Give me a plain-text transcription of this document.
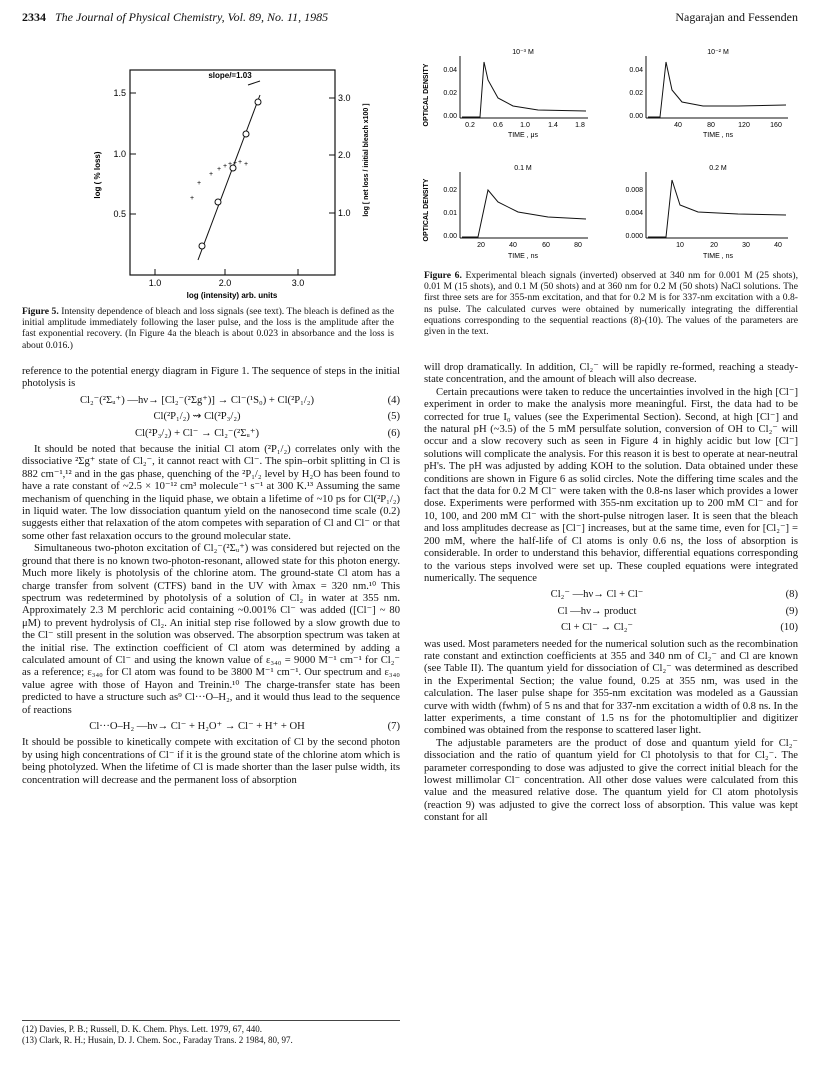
2334 The Journal of Physical Chemistry, Vol. 89, No. 11, 1985	Nagarajan and Fessenden
slope/=1.03
1.5
1.0
0.5
3.0
2.0
1.0
1.0	2.0	3.0
log (intensity) arb. units
log ( % loss)	log [ net loss / initial bleach x100 ]
+
+
+ + + + + +
+
Figure 5. Intensity dependence of bleach and loss signals (see text). The bleach is defined as the initial amplitude immediately following the laser pulse, and the loss is the amplitude after the fast exponential recovery. (In Figure 4a the bleach is about 0.023 in absorbance and the loss is about 0.016.)
OPTICAL DENSITY
OPTICAL DENSITY
10⁻³ M
0.04
0.02
0.00
0.2	0.6 1.0	1.4 1.8
TIME , μs
10⁻² M
0.04
0.02
0.00
40	80	120	160
TIME , ns
0.1 M
0.02
0.01
0.00
20	40	60	80
TIME , ns
0.2 M
0.008
0.004
0.000
10	20	30	40
TIME , ns
Figure 6. Experimental bleach signals (inverted) observed at 340 nm for 0.001 M (25 shots), 0.01 M (15 shots), and 0.1 M (50 shots) and at 360 nm for 0.2 M (50 shots) NaCl solutions. The first three sets are for 355-nm excitation, and that for 0.2 M is for 337-nm excitation with a 0.8-ns pulse. The calculated curves were obtained by numerically integrating the differential equations corresponding to the sequential reactions (8)-(10). The values of the parameters are given in the text.

reference to the potential energy diagram in Figure 1. The sequence of steps in the initial photolysis is

Cl₂⁻(²Σᵤ⁺) —hν→ [Cl₂⁻(²Σg⁺)] → Cl⁻(¹S₀) + Cl(²P₁/₂)	(4)
Cl(²P₁/₂) ⇝ Cl(²P₃/₂)	(5)
Cl(²P₃/₂) + Cl⁻ → Cl₂⁻(²Σᵤ⁺)	(6)

It should be noted that because the initial Cl atom (²P₁/₂) correlates only with the dissociative ²Σg⁺ state of Cl₂⁻, it cannot react with Cl⁻. The spin–orbit splitting in Cl is 882 cm⁻¹,¹² and in the gas phase, quenching of the ²P₁/₂ level by H₂O has been found to have a rate constant of ~2.5 × 10⁻¹² cm³ molecule⁻¹ s⁻¹ at 300 K.¹³ Assuming the same mechanism of quenching in the liquid phase, we obtain a lifetime of ~10 ps for Cl(²P₁/₂) in liquid water. The low dissociation quantum yield on the nanosecond time scale (0.2) suggests either that relaxation of the atom competes with separation of Cl and Cl⁻ or that some other fast relaxation occurs to the ground molecular state.

Simultaneous two-photon excitation of Cl₂⁻(²Σᵤ⁺) was considered but rejected on the ground that there is no known two-photon-resonant, allowed state for this photon energy. Much more likely is photolysis of the chlorine atom. The ground-state Cl atom has a charge transfer from solvent (CTFS) band in the UV with λmax = 320 nm.¹⁰ This spectrum was redetermined by photolysis of a solution of Cl₂ in water at 355 nm. Approximately 2.3 M perchloric acid containing ~0.001% Cl⁻ was added ([Cl⁻] ~ 80 μM) to prevent hydrolysis of Cl₂. An initial step rise followed by a slow growth due to the Cl⁻ still present in the solution was observed. The absorption spectrum was taken at the initial rise. The extinction coefficient of Cl atom was determined by adding a calculated amount of Cl⁻ and using the known value of ε₃₄₀ = 9000 M⁻¹ cm⁻¹ for Cl₂⁻ as a reference; ε₃₄₀ for Cl atom was found to be 3800 M⁻¹ cm⁻¹. Our spectrum and ε₃₄₀ value agree with those of Hayon and Treinin.¹⁰ The charge-transfer state has been predicted to have a structure such as⁹ Cl···O–H₂, and it would thus lead to the sequence of reactions

Cl···O–H₂ —hν→ Cl⁻ + H₂O⁺ → Cl⁻ + H⁺ + OH	(7)

It should be possible to kinetically compete with excitation of Cl by the second photon by using high concentrations of Cl⁻ if it is the ground state of the chlorine atom which is being photolyzed. When the lifetime of Cl is made shorter than the laser pulse width, its concentration will decrease and the permanent loss of absorption

(12) Davies, P. B.; Russell, D. K. Chem. Phys. Lett. 1979, 67, 440.
(13) Clark, R. H.; Husain, D. J. Chem. Soc., Faraday Trans. 2 1984, 80, 97.

will drop dramatically. In addition, Cl₂⁻ will be rapidly re-formed, reaching a steady-state concentration, and the amount of bleach will also decrease.

Certain precautions were taken to reduce the uncertainties involved in the high [Cl⁻] experiment in order to make the analysis more meaningful. First, the data had to be corrected for true I₀ values (see the Experimental Section). Second, at high [Cl⁻] and the natural pH (~3.5) of the 5 mM persulfate solution, conversion of OH to Cl₂⁻ will occur and a slow recovery such as seen in Figure 4 in highly acidic but low [Cl⁻] solutions will complicate the analysis. For this reason it is best to operate at near-neutral pH's. The pH was adjusted by adding KOH to the solution. Data obtained under these conditions are shown in Figure 6 as solid circles. Note the differing time scales and the fact that the data for 0.2 M Cl⁻ were taken with the 0.8-ns laser which provides a lower dose. Experiments were performed with 355-nm excitation up to 200 mM Cl⁻ and for 10, 100, and 200 mM Cl⁻ with the short-pulse nitrogen laser. It is seen that the bleach and loss amplitudes decrease as [Cl⁻] increases, but at the same time, even for [Cl₂⁻] = 200 mM, where the half-life of Cl atoms is only 0.6 ns, the loss of absorption is considerable. In order to understand this behavior, differential equations corresponding to the various steps involved were set up. These coupled equations were integrated numerically. The sequence

Cl₂⁻ —hν→ Cl + Cl⁻	(8)
Cl —hν→ product	(9)
Cl + Cl⁻ → Cl₂⁻	(10)

was used. Most parameters needed for the numerical solution such as the recombination rate constant and extinction coefficients at 355 and 340 nm of Cl₂⁻ and Cl are known (see Table II). The quantum yield for dissociation of Cl₂⁻ was determined as described in the Experimental Section; the value found, 0.25 at 355 nm, was used in the calculation. The laser pulse shape for 355-nm excitation was modeled as a Gaussian curve with width (fwhm) of 5 ns and that for 337-nm excitation a width of 0.8 ns. In the latter experiments, a time constant of 1.5 ns for the photomultiplier and digitizer combined was obtained from the response to scattered laser light.

The adjustable parameters are the product of dose and quantum yield for Cl₂⁻ dissociation and the ratio of quantum yield for Cl photolysis to that for Cl₂⁻. The parameter corresponding to dose was adjusted to give the correct initial bleach for the lowest millimolar Cl⁻ concentration. All other dose values were calculated from this value and the measured relative dose. The quantum yield for Cl atom photolysis (reaction 9) was adjusted to give the correct loss of absorption. This value was kept constant for all
